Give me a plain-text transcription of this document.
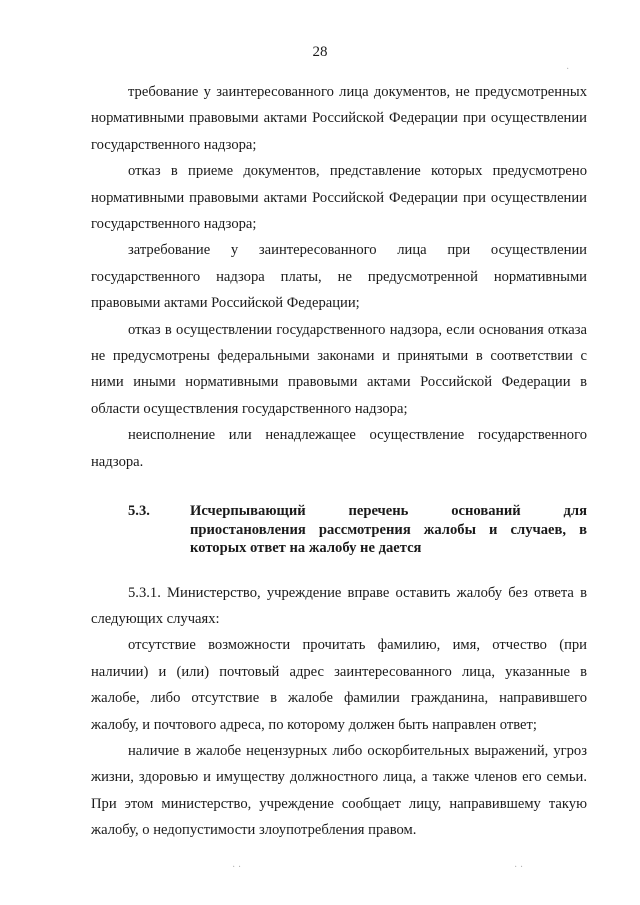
28

требование у заинтересованного лица документов, не предусмотренных нормативными правовыми актами Российской Федерации при осуществлении государственного надзора;

отказ в приеме документов, представление которых предусмотрено нормативными правовыми актами Российской Федерации при осуществлении государственного надзора;

затребование у заинтересованного лица при осуществлении государственного надзора платы, не предусмотренной нормативными правовыми актами Российской Федерации;

отказ в осуществлении государственного надзора, если основания отказа не предусмотрены федеральными законами и принятыми в соответствии с ними иными нормативными правовыми актами Российской Федерации в области осуществления государственного надзора;

неисполнение или ненадлежащее осуществление государственного надзора.

5.3.	Исчерпывающий перечень оснований для приостановления рассмотрения жалобы и случаев, в которых ответ на жалобу не дается

5.3.1. Министерство, учреждение вправе оставить жалобу без ответа в следующих случаях:

отсутствие возможности прочитать фамилию, имя, отчество (при наличии) и (или) почтовый адрес заинтересованного лица, указанные в жалобе, либо отсутствие в жалобе фамилии гражданина, направившего жалобу, и почтового адреса, по которому должен быть направлен ответ;

наличие в жалобе нецензурных либо оскорбительных выражений, угроз жизни, здоровью и имуществу должностного лица, а также членов его семьи. При этом министерство, учреждение сообщает лицу, направившему такую жалобу, о недопустимости злоупотребления правом.

·
· ·	· ·
